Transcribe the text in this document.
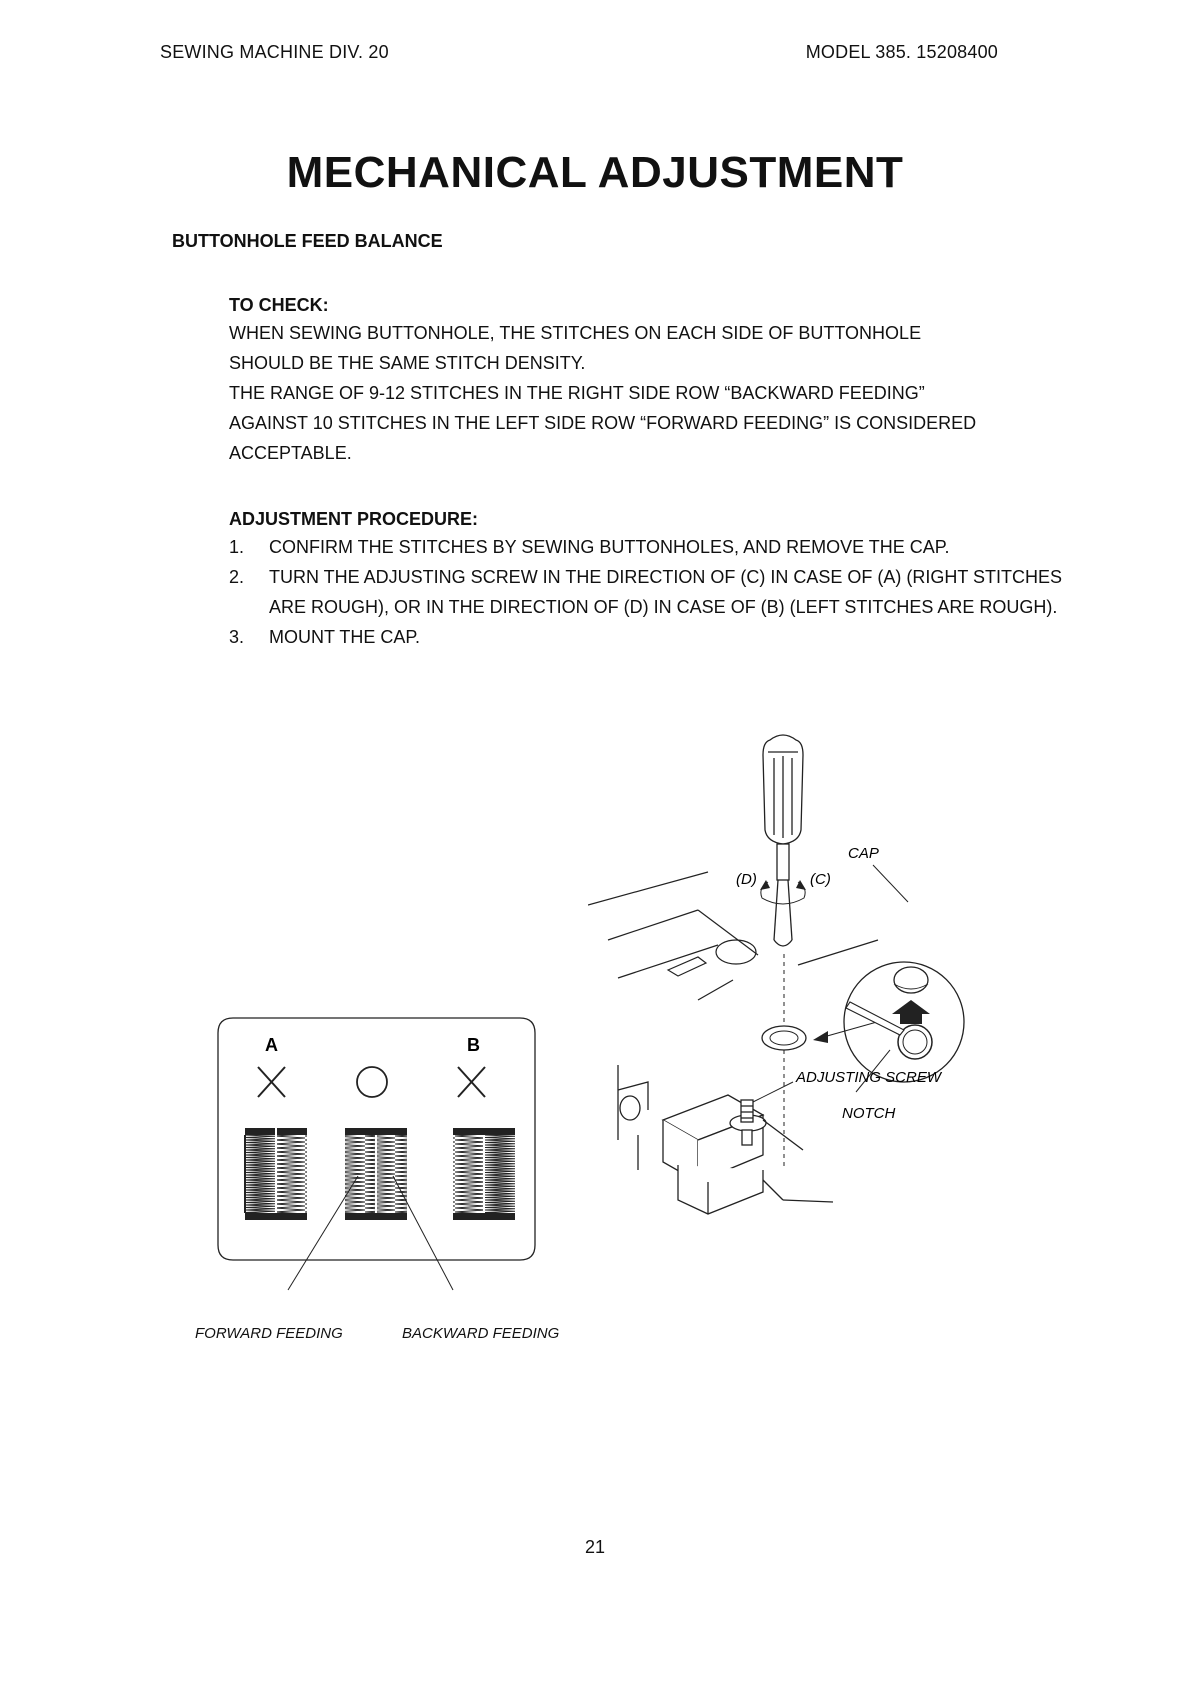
SEWING MACHINE DIV. 20	MODEL 385. 15208400
MECHANICAL ADJUSTMENT
BUTTONHOLE FEED BALANCE
TO CHECK:
WHEN SEWING BUTTONHOLE, THE STITCHES ON EACH SIDE OF BUTTONHOLE
SHOULD BE THE SAME STITCH DENSITY.
THE RANGE OF 9-12 STITCHES IN THE RIGHT SIDE ROW “BACKWARD FEEDING”
AGAINST 10 STITCHES IN THE LEFT SIDE ROW “FORWARD FEEDING” IS CONSIDERED
ACCEPTABLE.
ADJUSTMENT PROCEDURE:
1.	CONFIRM THE STITCHES BY SEWING BUTTONHOLES, AND REMOVE THE CAP.
2.	TURN THE ADJUSTING SCREW IN THE DIRECTION OF (C) IN CASE OF (A) (RIGHT STITCHES ARE ROUGH), OR IN THE DIRECTION OF (D) IN CASE OF (B) (LEFT STITCHES ARE ROUGH).
3.	MOUNT THE CAP.
A	B
FORWARD FEEDING	BACKWARD FEEDING
(D)	(C)
CAP
NOTCH
ADJUSTING SCREW
21
